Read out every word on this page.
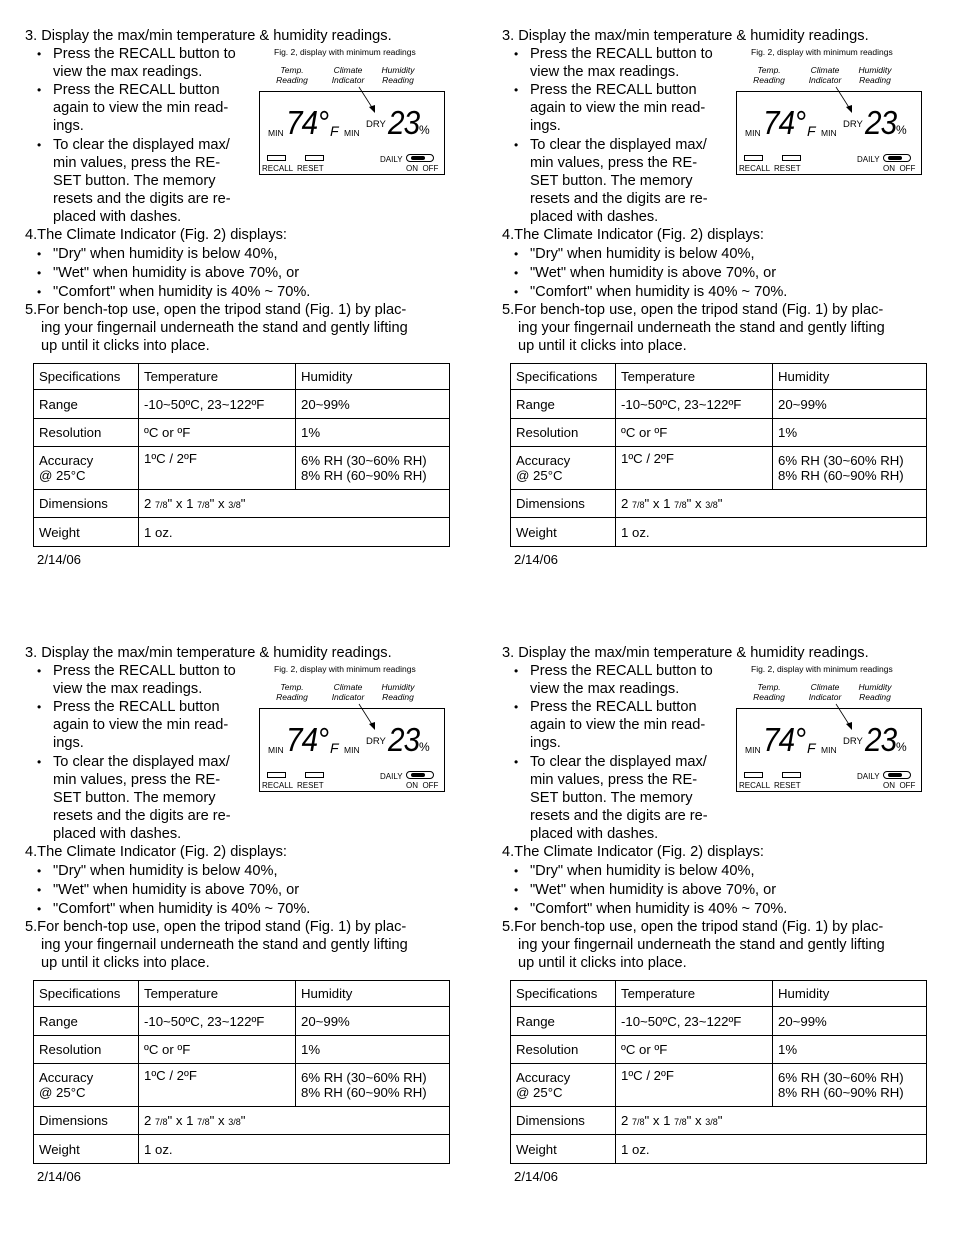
3. Display the max/min temperature & humidity readings.
• Press the RECALL button to
view the max readings.
• Press the RECALL button
again to view the min read-
ings.
• To clear the displayed max/
min values, press the RE-
SET button. The memory
resets and the digits are re-
placed with dashes.
Fig. 2, display with minimum readings
Temp.
Reading
Climate
Indicator
Humidity
Reading
MIN 74° F MIN
DRY 23 %
RECALL RESET
DAILY
ON  OFF
4.The Climate Indicator (Fig. 2) displays:
• "Dry" when humidity is below 40%,
• "Wet" when humidity is above 70%, or
• "Comfort" when humidity is 40% ~ 70%.
5.For bench-top use, open the tripod stand (Fig. 1) by plac-
ing your fingernail underneath the stand and gently lifting
up until it clicks into place.
Specifications	Temperature	Humidity
Range	-10~50ºC, 23~122ºF	20~99%
Resolution	ºC or ºF	1%
Accuracy
@ 25°C	1ºC / 2ºF	6% RH (30~60% RH)
8% RH (60~90% RH)
Dimensions	2 7/8" x 1 7/8" x 3/8"	
Weight	1 oz.	
2/14/06
3. Display the max/min temperature & humidity readings.
• Press the RECALL button to
view the max readings.
• Press the RECALL button
again to view the min read-
ings.
• To clear the displayed max/
min values, press the RE-
SET button. The memory
resets and the digits are re-
placed with dashes.
Fig. 2, display with minimum readings
Temp.
Reading
Climate
Indicator
Humidity
Reading
MIN 74° F MIN
DRY 23 %
RECALL RESET
DAILY
ON  OFF
4.The Climate Indicator (Fig. 2) displays:
• "Dry" when humidity is below 40%,
• "Wet" when humidity is above 70%, or
• "Comfort" when humidity is 40% ~ 70%.
5.For bench-top use, open the tripod stand (Fig. 1) by plac-
ing your fingernail underneath the stand and gently lifting
up until it clicks into place.
Specifications	Temperature	Humidity
Range	-10~50ºC, 23~122ºF	20~99%
Resolution	ºC or ºF	1%
Accuracy
@ 25°C	1ºC / 2ºF	6% RH (30~60% RH)
8% RH (60~90% RH)
Dimensions	2 7/8" x 1 7/8" x 3/8"	
Weight	1 oz.	
2/14/06
3. Display the max/min temperature & humidity readings.
• Press the RECALL button to
view the max readings.
• Press the RECALL button
again to view the min read-
ings.
• To clear the displayed max/
min values, press the RE-
SET button. The memory
resets and the digits are re-
placed with dashes.
Fig. 2, display with minimum readings
Temp.
Reading
Climate
Indicator
Humidity
Reading
MIN 74° F MIN
DRY 23 %
RECALL RESET
DAILY
ON  OFF
4.The Climate Indicator (Fig. 2) displays:
• "Dry" when humidity is below 40%,
• "Wet" when humidity is above 70%, or
• "Comfort" when humidity is 40% ~ 70%.
5.For bench-top use, open the tripod stand (Fig. 1) by plac-
ing your fingernail underneath the stand and gently lifting
up until it clicks into place.
Specifications	Temperature	Humidity
Range	-10~50ºC, 23~122ºF	20~99%
Resolution	ºC or ºF	1%
Accuracy
@ 25°C	1ºC / 2ºF	6% RH (30~60% RH)
8% RH (60~90% RH)
Dimensions	2 7/8" x 1 7/8" x 3/8"	
Weight	1 oz.	
2/14/06
3. Display the max/min temperature & humidity readings.
• Press the RECALL button to
view the max readings.
• Press the RECALL button
again to view the min read-
ings.
• To clear the displayed max/
min values, press the RE-
SET button. The memory
resets and the digits are re-
placed with dashes.
Fig. 2, display with minimum readings
Temp.
Reading
Climate
Indicator
Humidity
Reading
MIN 74° F MIN
DRY 23 %
RECALL RESET
DAILY
ON  OFF
4.The Climate Indicator (Fig. 2) displays:
• "Dry" when humidity is below 40%,
• "Wet" when humidity is above 70%, or
• "Comfort" when humidity is 40% ~ 70%.
5.For bench-top use, open the tripod stand (Fig. 1) by plac-
ing your fingernail underneath the stand and gently lifting
up until it clicks into place.
Specifications	Temperature	Humidity
Range	-10~50ºC, 23~122ºF	20~99%
Resolution	ºC or ºF	1%
Accuracy
@ 25°C	1ºC / 2ºF	6% RH (30~60% RH)
8% RH (60~90% RH)
Dimensions	2 7/8" x 1 7/8" x 3/8"	
Weight	1 oz.	
2/14/06
